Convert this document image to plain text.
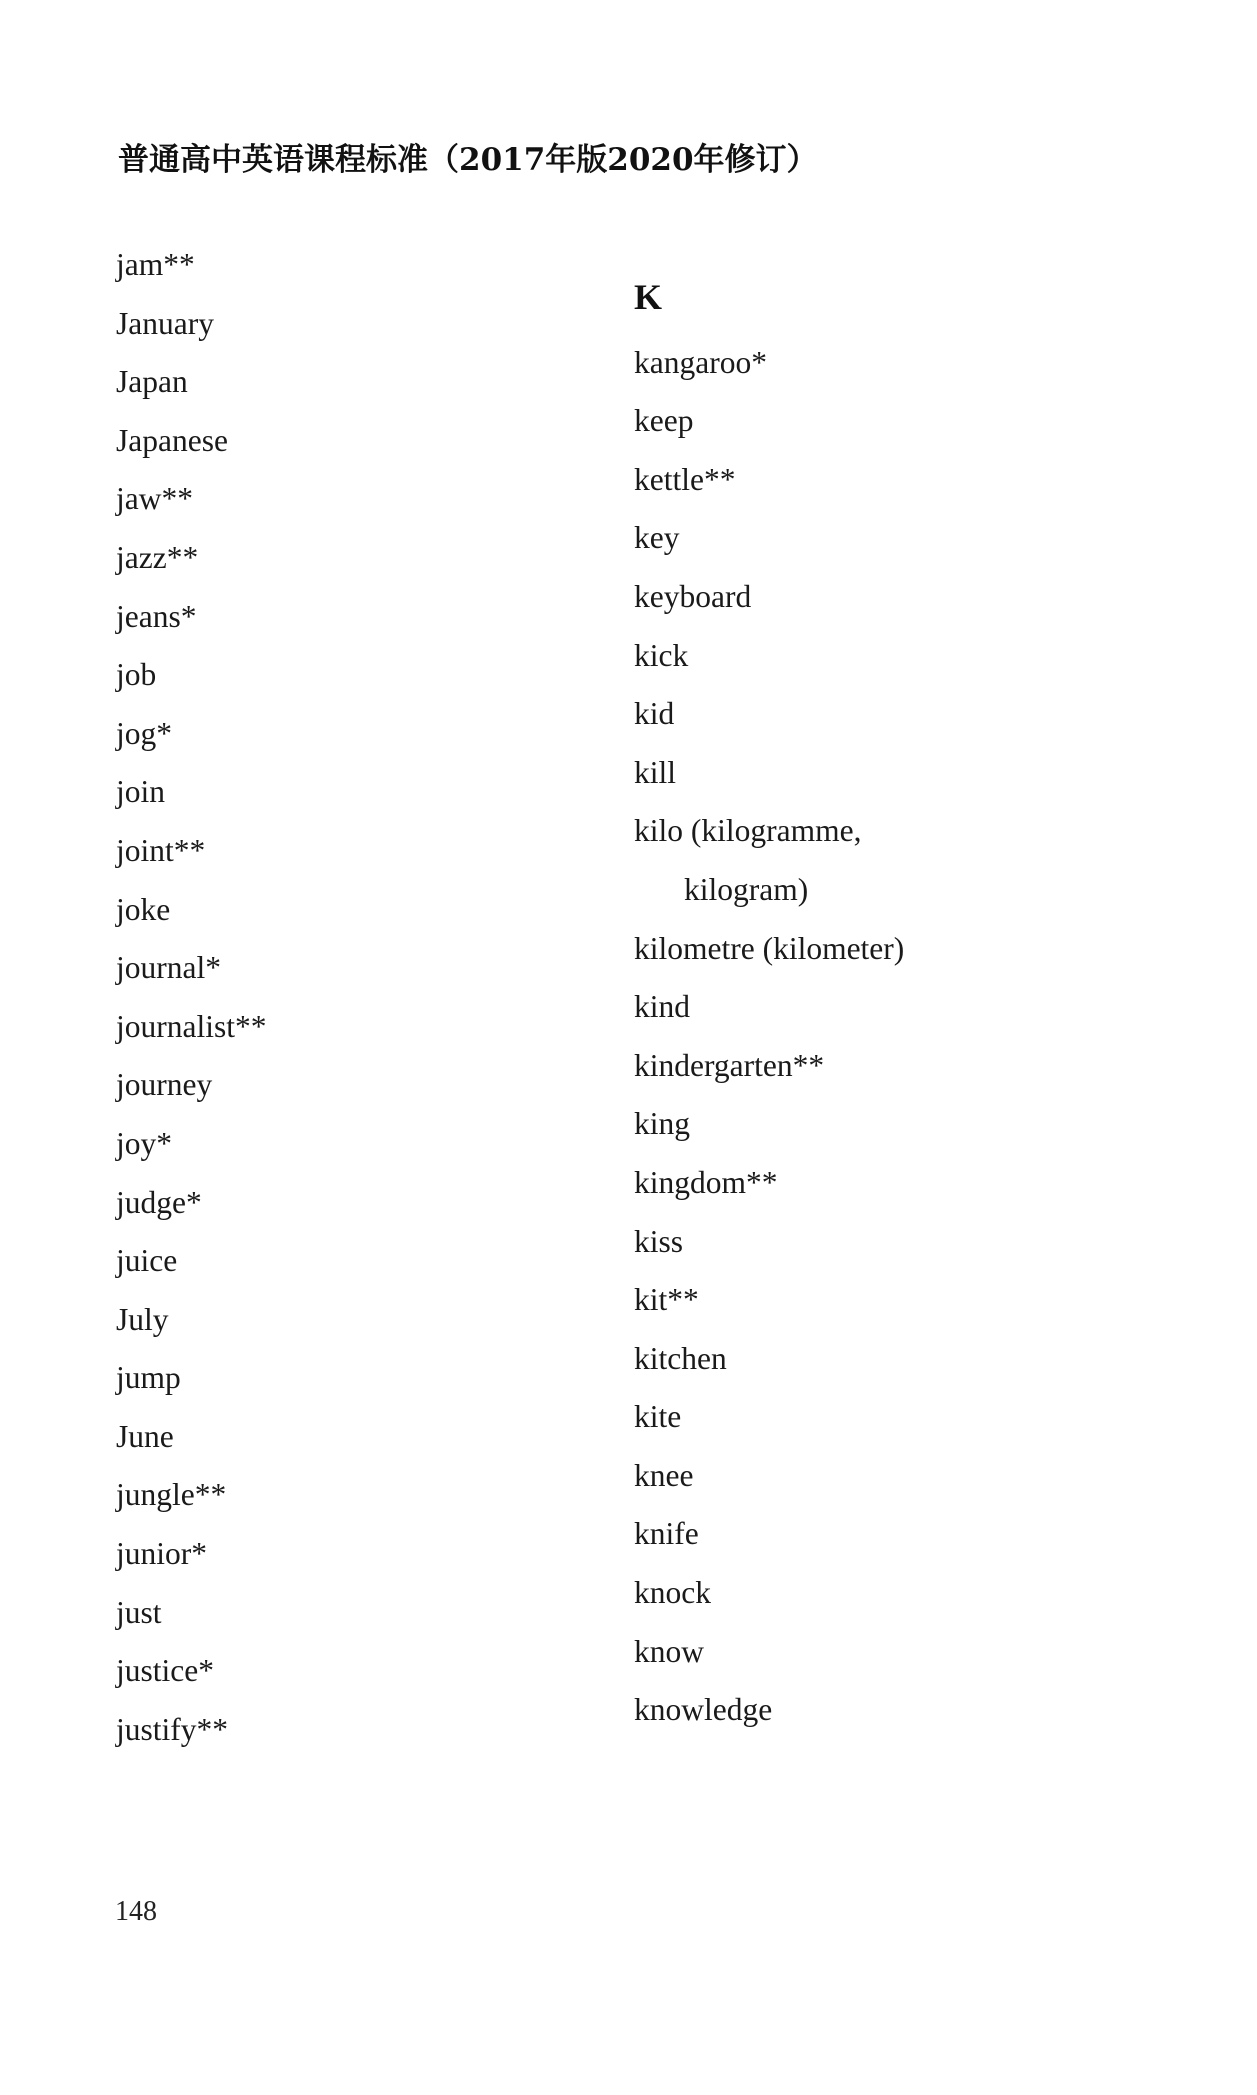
普通高中英语课程标准（2017年版2020年修订）
jam**
January
Japan
Japanese
jaw**
jazz**
jeans*
job
jog*
join
joint**
joke
journal*
journalist**
journey
joy*
judge*
juice
July
jump
June
jungle**
junior*
just
justice*
justify**
K
kangaroo*
keep
kettle**
key
keyboard
kick
kid
kill
kilo (kilogramme,
kilogram)
kilometre (kilometer)
kind
kindergarten**
king
kingdom**
kiss
kit**
kitchen
kite
knee
knife
knock
know
knowledge
148
